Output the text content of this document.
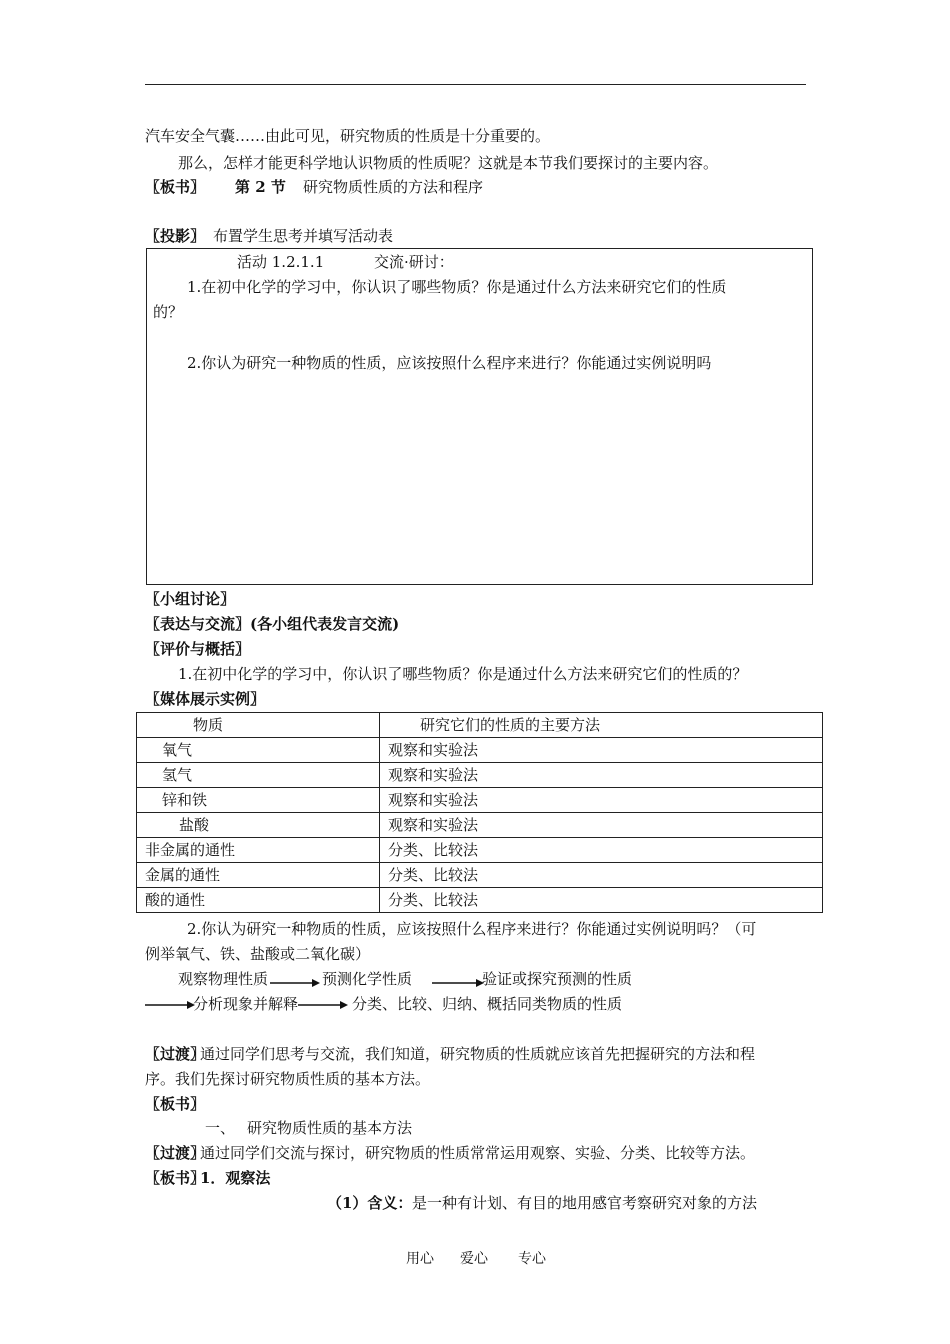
汽车安全气囊……由此可见，研究物质的性质是十分重要的。
那么，怎样才能更科学地认识物质的性质呢？这就是本节我们要探讨的主要内容。
〖板书〗 第 2 节 研究物质性质的方法和程序
〖投影〗 布置学生思考并填写活动表
活动 1.2.1.1	交流·研讨：
1.在初中化学的学习中，你认识了哪些物质？你是通过什么方法来研究它们的性质
的？
2.你认为研究一种物质的性质，应该按照什么程序来进行？你能通过实例说明吗
〖小组讨论〗
〖表达与交流〗(各小组代表发言交流)
〖评价与概括〗
1.在初中化学的学习中，你认识了哪些物质？你是通过什么方法来研究它们的性质的？
〖媒体展示实例〗
物质	研究它们的性质的主要方法
氧气	观察和实验法
氢气	观察和实验法
锌和铁	观察和实验法
盐酸	观察和实验法
非金属的通性	分类、比较法
金属的通性	分类、比较法
酸的通性	分类、比较法
2.你认为研究一种物质的性质，应该按照什么程序来进行？你能通过实例说明吗？（可
例举氧气、铁、盐酸或二氧化碳）
观察物理性质	预测化学性质	验证或探究预测的性质
分析现象并解释	分类、比较、归纳、概括同类物质的性质
〖过渡〗
通过同学们思考与交流，我们知道，研究物质的性质就应该首先把握研究的方法和程
序。我们先探讨研究物质性质的基本方法。
〖板书〗
一、 研究物质性质的基本方法
〖过渡〗
通过同学们交流与探讨，研究物质的性质常常运用观察、实验、分类、比较等方法。
〖板书〗
1．观察法
（1）含义： 是一种有计划、有目的地用感官考察研究对象的方法
用心 爱心 专心
